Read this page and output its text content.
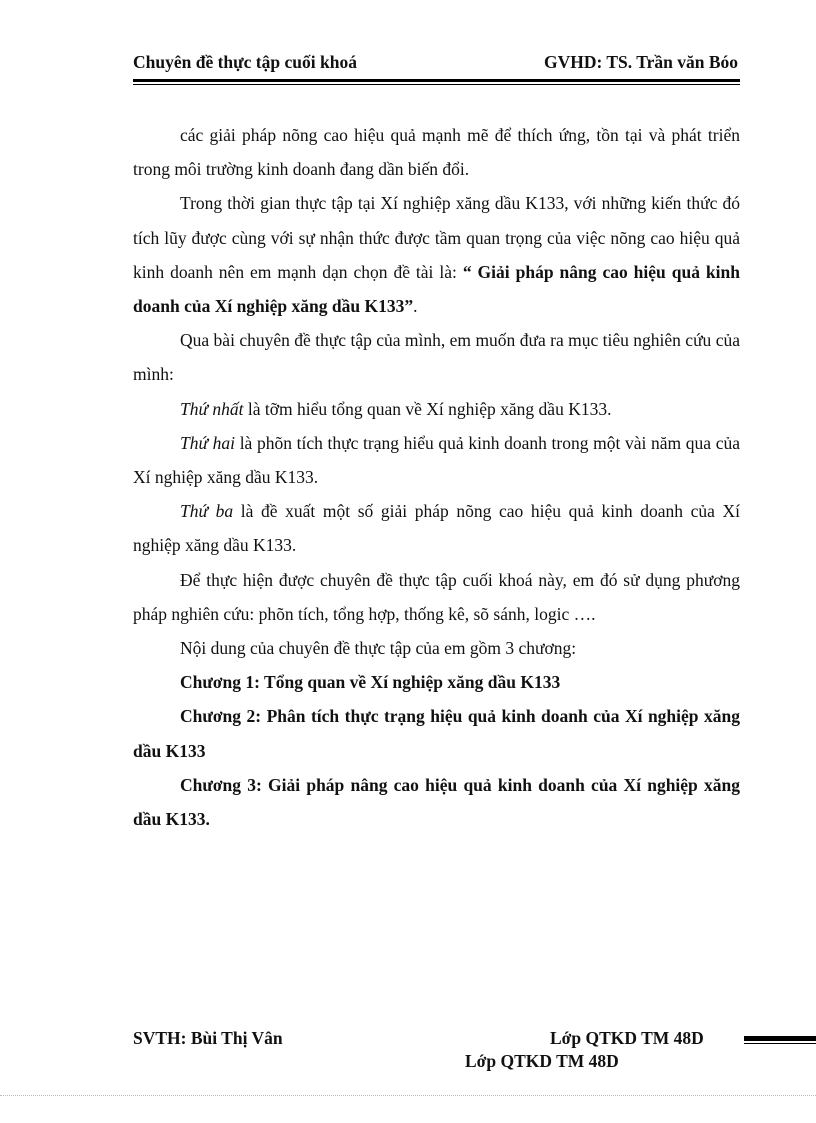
Chuyên đề thực tập cuối khoá	GVHD: TS. Trần văn Bóo

các giải pháp nõng cao hiệu quả mạnh mẽ để thích ứng, tồn tại và phát triển trong môi trường kinh doanh đang dần biến đổi.

Trong thời gian thực tập tại Xí nghiệp xăng dầu K133, với những kiến thức đó tích lũy được cùng với sự nhận thức được tầm quan trọng của việc nõng cao hiệu quả kinh doanh nên em mạnh dạn chọn đề tài là: “ Giải pháp nâng cao hiệu quả kinh doanh của Xí nghiệp xăng dầu K133”.

Qua bài chuyên đề thực tập của mình, em muốn đưa ra mục tiêu nghiên cứu của mình:

Thứ nhất là tỡm hiểu tổng quan về Xí nghiệp xăng dầu K133.

Thứ hai là phõn tích thực trạng hiểu quả kinh doanh trong một vài năm qua của Xí nghiệp xăng dầu K133.

Thứ ba là đề xuất một số giải pháp nõng cao hiệu quả kinh doanh của Xí nghiệp xăng dầu K133.

Để thực hiện được chuyên đề thực tập cuối khoá này, em đó sử dụng phương pháp nghiên cứu: phõn tích, tổng hợp, thống kê, sõ sánh, logic ….

Nội dung của chuyên đề thực tập của em gồm 3 chương:

Chương 1: Tổng quan về Xí nghiệp xăng dầu K133

Chương 2: Phân tích thực trạng hiệu quả kinh doanh của Xí nghiệp xăng dầu K133

Chương 3: Giải pháp nâng cao hiệu quả kinh doanh của Xí nghiệp xăng dầu K133.

SVTH: Bùi Thị Vân	Lớp QTKD TM 48D
Lớp QTKD TM 48D
